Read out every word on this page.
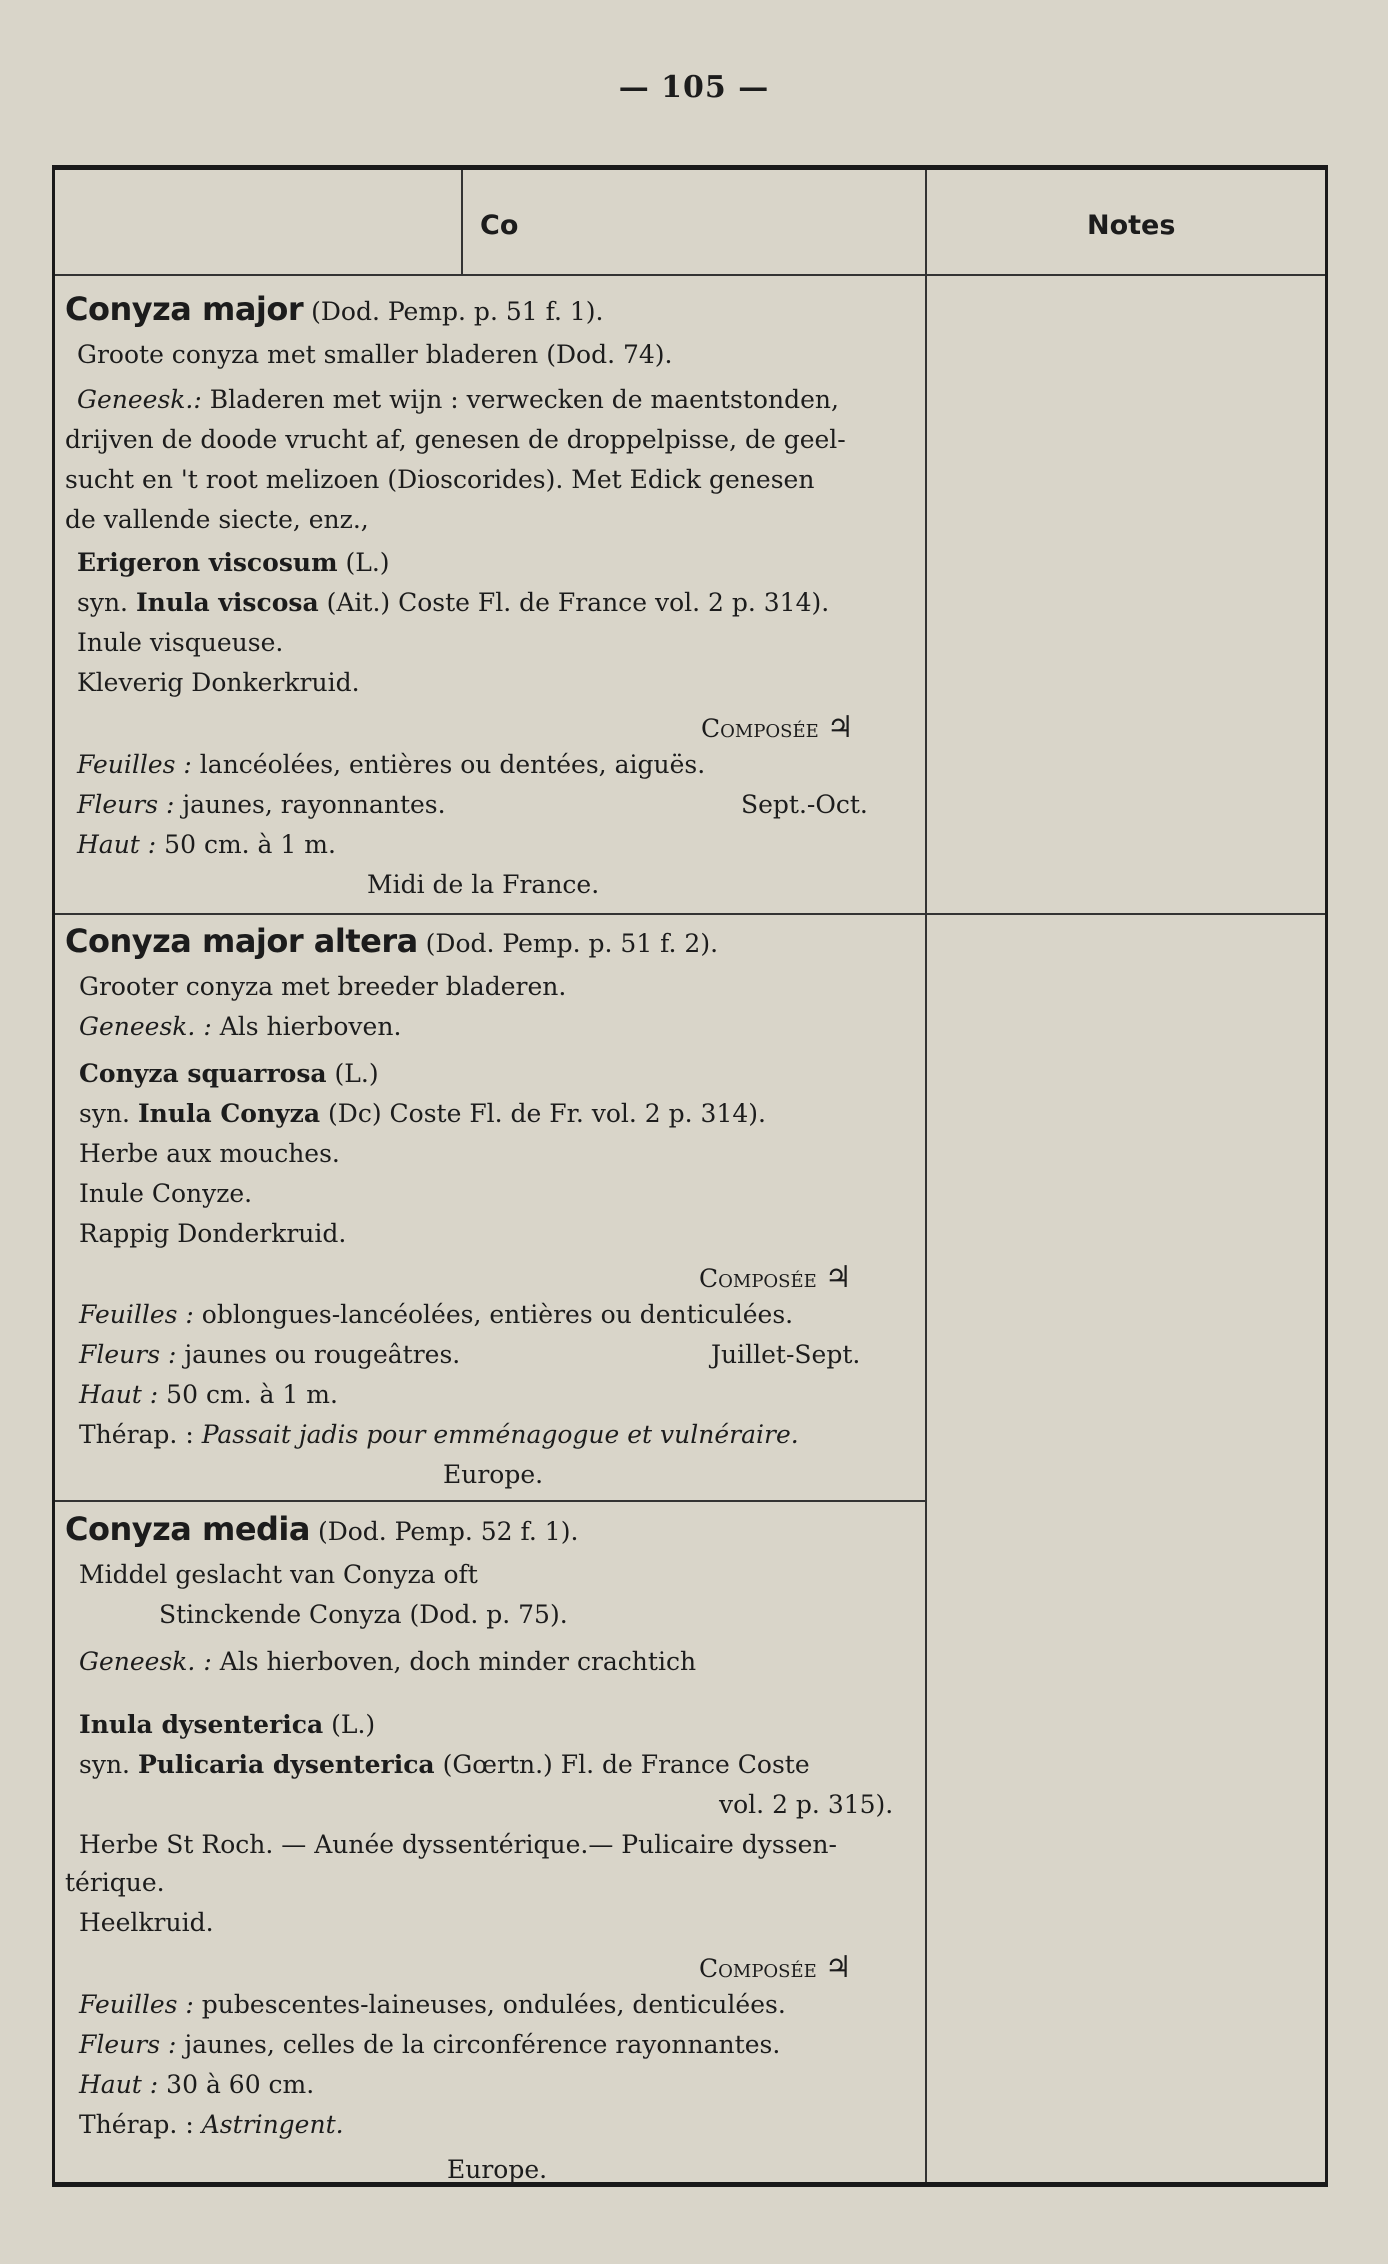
— 105 —
Co	Notes
Conyza major (Dod. Pemp. p. 51 f. 1).
Groote conyza met smaller bladeren (Dod. 74).
Geneesk.: Bladeren met wijn : verwecken de maentstonden,
drijven de doode vrucht af, genesen de droppelpisse, de geel-
sucht en 't root melizoen (Dioscorides). Met Edick genesen
de vallende siecte, enz.,
Erigeron viscosum (L.)
syn. Inula viscosa (Ait.) Coste Fl. de France vol. 2 p. 314).
Inule visqueuse.
Kleverig Donkerkruid.
Composée ♃
Feuilles : lancéolées, entières ou dentées, aiguës.
Fleurs : jaunes, rayonnantes.	Sept.-Oct.
Haut : 50 cm. à 1 m.
Midi de la France.
Conyza major altera (Dod. Pemp. p. 51 f. 2).
Grooter conyza met breeder bladeren.
Geneesk. : Als hierboven.
Conyza squarrosa (L.)
syn. Inula Conyza (Dc) Coste Fl. de Fr. vol. 2 p. 314).
Herbe aux mouches.
Inule Conyze.
Rappig Donderkruid.
Composée ♃
Feuilles : oblongues-lancéolées, entières ou denticulées.
Fleurs : jaunes ou rougeâtres.	Juillet-Sept.
Haut : 50 cm. à 1 m.
Thérap. : Passait jadis pour emménagogue et vulnéraire.
Europe.
Conyza media (Dod. Pemp. 52 f. 1).
Middel geslacht van Conyza oft
Stinckende Conyza (Dod. p. 75).
Geneesk. : Als hierboven, doch minder crachtich
Inula dysenterica (L.)
syn. Pulicaria dysenterica (Gœrtn.) Fl. de France Coste
vol. 2 p. 315).
Herbe St Roch. — Aunée dyssentérique.— Pulicaire dyssen-
térique.
Heelkruid.
Composée ♃
Feuilles : pubescentes-laineuses, ondulées, denticulées.
Fleurs : jaunes, celles de la circonférence rayonnantes.
Haut : 30 à 60 cm.
Thérap. : Astringent.
Europe.
